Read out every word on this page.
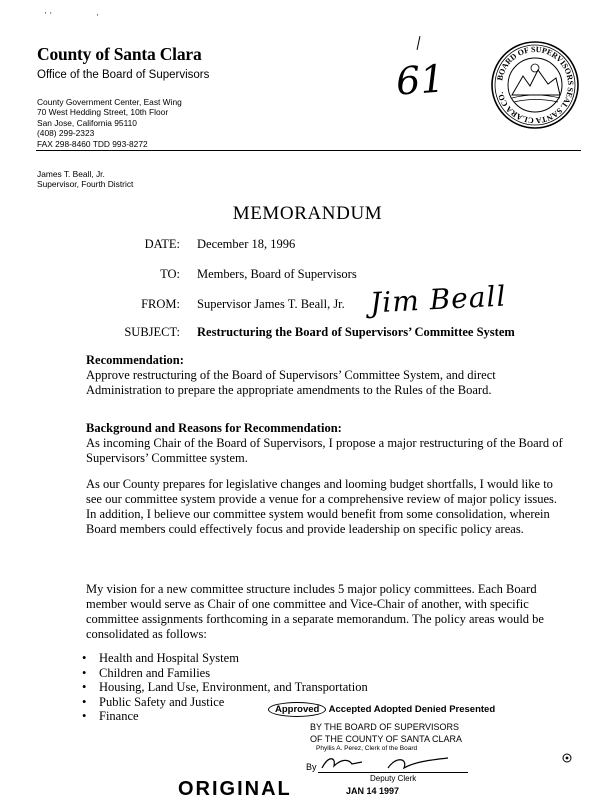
· ·	·
County of Santa Clara
Office of the Board of Supervisors
County Government Center, East Wing
70 West Hedding Street, 10th Floor
San Jose, California 95110
(408) 299-2323
FAX 298-8460 TDD 993-8272
61	BOARD OF SUPERVISORS SEAL SANTA CLARA CO.
James T. Beall, Jr.
Supervisor, Fourth District
MEMORANDUM
DATE: December 18, 1996
TO: Members, Board of Supervisors
FROM: Supervisor James T. Beall, Jr. Jim Beall
SUBJECT: Restructuring the Board of Supervisors’ Committee System
Recommendation:
Approve restructuring of the Board of Supervisors’ Committee System, and direct Administration to prepare the appropriate amendments to the Rules of the Board.
Background and Reasons for Recommendation:
As incoming Chair of the Board of Supervisors, I propose a major restructuring of the Board of Supervisors’ Committee system.
As our County prepares for legislative changes and looming budget shortfalls, I would like to see our committee system provide a venue for a comprehensive review of major policy issues. In addition, I believe our committee system would benefit from some consolidation, wherein Board members could effectively focus and provide leadership on specific policy areas.
My vision for a new committee structure includes 5 major policy committees. Each Board member would serve as Chair of one committee and Vice-Chair of another, with specific committee assignments forthcoming in a separate memorandum. The policy areas would be consolidated as follows:
• Health and Hospital System
• Children and Families
• Housing, Land Use, Environment, and Transportation
• Public Safety and Justice
• Finance	Approved Accepted Adopted Denied Presented
BY THE BOARD OF SUPERVISORS
OF THE COUNTY OF SANTA CLARA
Phyllis A. Perez, Clerk of the Board
By
Deputy Clerk
JAN 14 1997
ORIGINAL
